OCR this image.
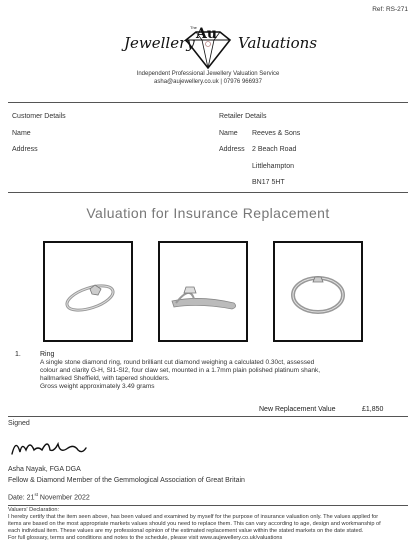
Ref: RS-271
Jewellery
The Au Valuations
Independent Professional Jewellery Valuation Service
asha@aujewellery.co.uk | 07976 966937
Customer Details
Name
Address
Retailer Details
Name Reeves & Sons
Address 2 Beach Road
Littlehampton
BN17 5HT
Valuation for Insurance Replacement
1.	Ring
A single stone diamond ring, round brilliant cut diamond weighing a calculated 0.30ct, assessed
colour and clarity G-H, SI1-SI2, four claw set, mounted in a 1.7mm plain polished platinum shank,
hallmarked Sheffield, with tapered shoulders.
Gross weight approximately 3.49 grams
New Replacement Value	£1,850
Signed
Asha Nayak, FGA DGA
Fellow & Diamond Member of the Gemmological Association of Great Britain
Date: 21st November 2022
Valuers' Declaration:
I hereby certify that the item seen above, has been valued and examined by myself for the purpose of insurance valuation only. The values applied for
items are based on the most appropriate markets values should you need to replace them. This can vary according to age, design and workmanship of
each individual item. These values are my professional opinion of the estimated replacement value within the stated markets on the date stated.
For full glossary, terms and conditions and notes to the schedule, please visit www.aujewellery.co.uk/valuations
